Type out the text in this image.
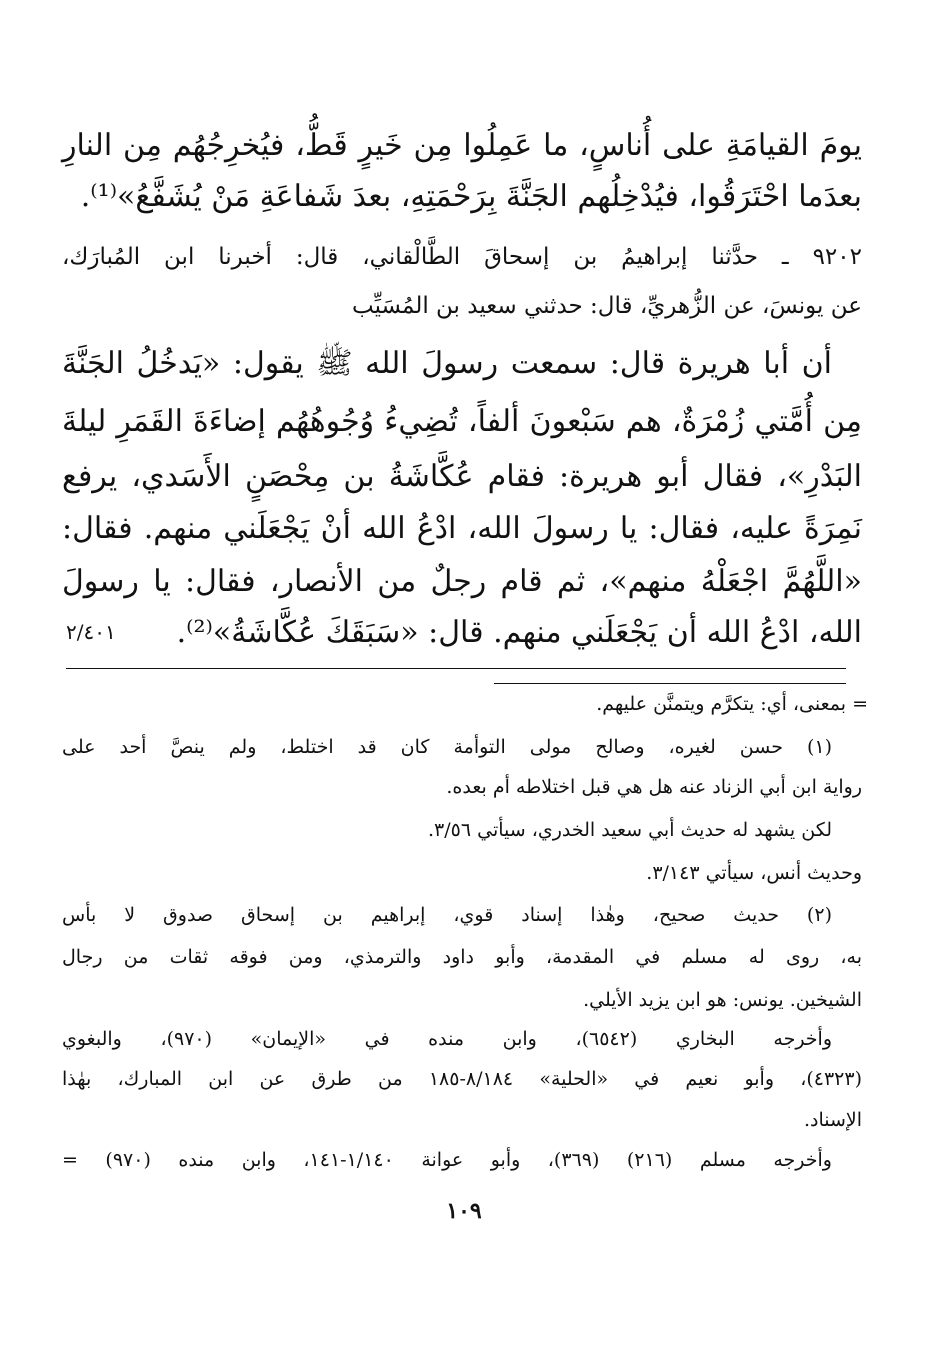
يومَ القيامَةِ على أُناسٍ، ما عَمِلُوا مِن خَيرٍ قَطُّ، فيُخرِجُهُم مِن النارِ
بعدَما احْتَرَقُوا، فيُدْخِلُهم الجَنَّةَ بِرَحْمَتِهِ، بعدَ شَفاعَةِ مَنْ يُشَفَّعُ»⁽¹⁾.
٩٢٠٢ ـ حدَّثنا إبراهيمُ بن إسحاقَ الطَّالْقاني، قال: أخبرنا ابن المُبارَك،
عن يونسَ، عن الزُّهريِّ، قال: حدثني سعيد بن المُسَيِّب
أن أبا هريرة قال: سمعت رسولَ الله ﷺ يقول: «يَدخُلُ الجَنَّةَ
مِن أُمَّتي زُمْرَةٌ، هم سَبْعونَ ألفاً، تُضِيءُ وُجُوهُهُم إضاءَةَ القَمَرِ ليلةَ
البَدْرِ»، فقال أبو هريرة: فقام عُكَّاشَةُ بن مِحْصَنٍ الأَسَدي، يرفع
نَمِرَةً عليه، فقال: يا رسولَ الله، ادْعُ الله أنْ يَجْعَلَني منهم. فقال:
«اللَّهُمَّ اجْعَلْهُ منهم»، ثم قام رجلٌ من الأنصار، فقال: يا رسولَ
الله، ادْعُ الله أن يَجْعَلَني منهم. قال: «سَبَقَكَ عُكَّاشَةُ»⁽²⁾.
٢/٤٠١
= بمعنى، أي: يتكرَّم ويتمنَّن عليهم.
(١) حسن لغيره، وصالح مولى التوأمة كان قد اختلط، ولم ينصَّ أحد على
رواية ابن أبي الزناد عنه هل هي قبل اختلاطه أم بعده.
لكن يشهد له حديث أبي سعيد الخدري، سيأتي ٣/٥٦.
وحديث أنس، سيأتي ٣/١٤٣.
(٢) حديث صحيح، وهٰذا إسناد قوي، إبراهيم بن إسحاق صدوق لا بأس
به، روى له مسلم في المقدمة، وأبو داود والترمذي، ومن فوقه ثقات من رجال
الشيخين. يونس: هو ابن يزيد الأيلي.
وأخرجه البخاري (٦٥٤٢)، وابن منده في «الإيمان» (٩٧٠)، والبغوي
(٤٣٢٣)، وأبو نعيم في «الحلية» ٨/١٨٤-١٨٥ من طرق عن ابن المبارك، بهٰذا
الإسناد.
وأخرجه مسلم (٢١٦) (٣٦٩)، وأبو عوانة ١/١٤٠-١٤١، وابن منده (٩٧٠) =
١٠٩
